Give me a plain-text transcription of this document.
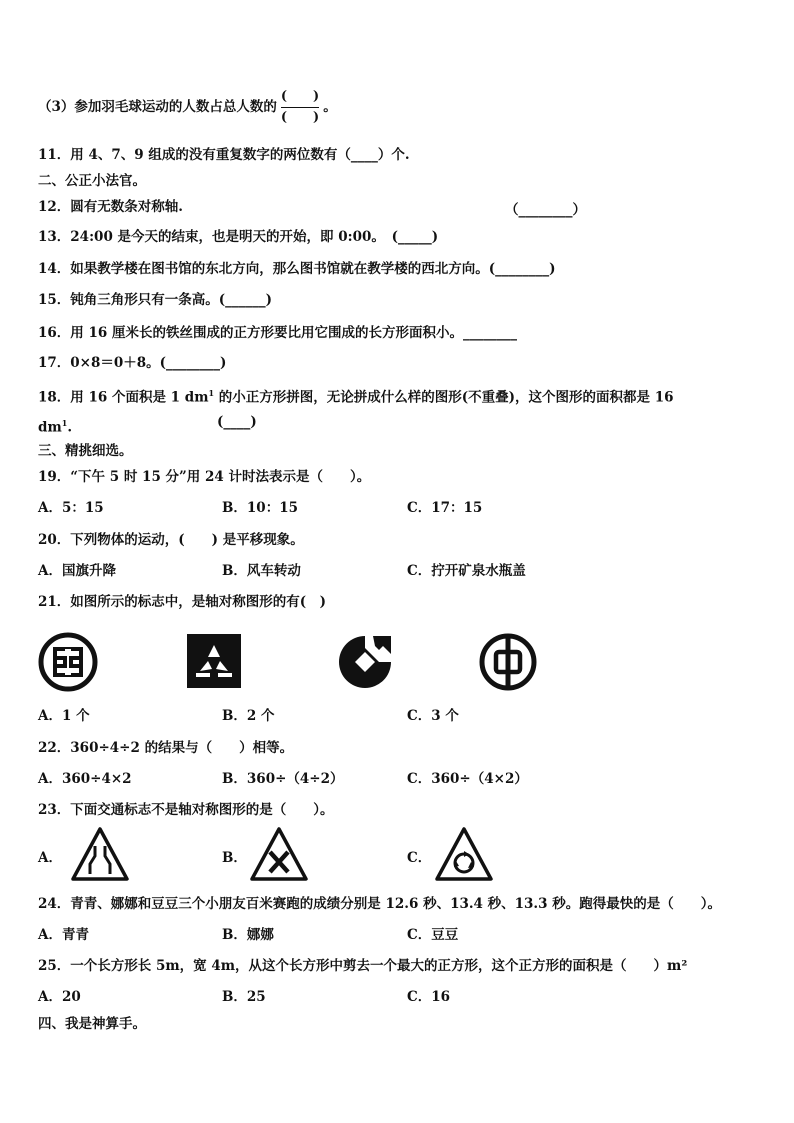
（3）参加羽毛球运动的人数占总人数的 $\frac{( )}{( )}$ 。
11．用 4、7、9 组成的没有重复数字的两位数有（____）个.
二、公正小法官。
12．圆有无数条对称轴.	（________）
13．24:00 是今天的结束，也是明天的开始，即 0:00。　(_____)
14．如果教学楼在图书馆的东北方向，那么图书馆就在教学楼的西北方向。(________)
15．钝角三角形只有一条高。(______)
16．用 16 厘米长的铁丝围成的正方形要比用它围成的长方形面积小。________
17．0×8＝0＋8。(________)
18．用 16 个面积是 1 $dm^1$ 的小正方形拼图，无论拼成什么样的图形(不重叠)，这个图形的面积都是 16
$dm^1$.	(____)
三、精挑细选。
19．“下午 5 时 15 分”用 24 计时法表示是（　　）。
A．5：15	B．10：15	C．17：15
20．下列物体的运动，(　　) 是平移现象。
A．国旗升降	B．风车转动	C．拧开矿泉水瓶盖
21．如图所示的标志中，是轴对称图形的有(　)
A．1 个	B．2 个	C．3 个
22．360÷4÷2 的结果与（　　）相等。
A．360÷4×2	B．360÷（4÷2）	C．360÷（4×2）
23．下面交通标志不是轴对称图形的是（　　）。
A．	B．	C．
24．青青、娜娜和豆豆三个小朋友百米赛跑的成绩分别是 12.6 秒、13.4 秒、13.3 秒。跑得最快的是（　　）。
A．青青	B．娜娜	C．豆豆
25．一个长方形长 5m，宽 4m，从这个长方形中剪去一个最大的正方形，这个正方形的面积是（　　）m²
A．20	B．25	C．16
四、我是神算手。
